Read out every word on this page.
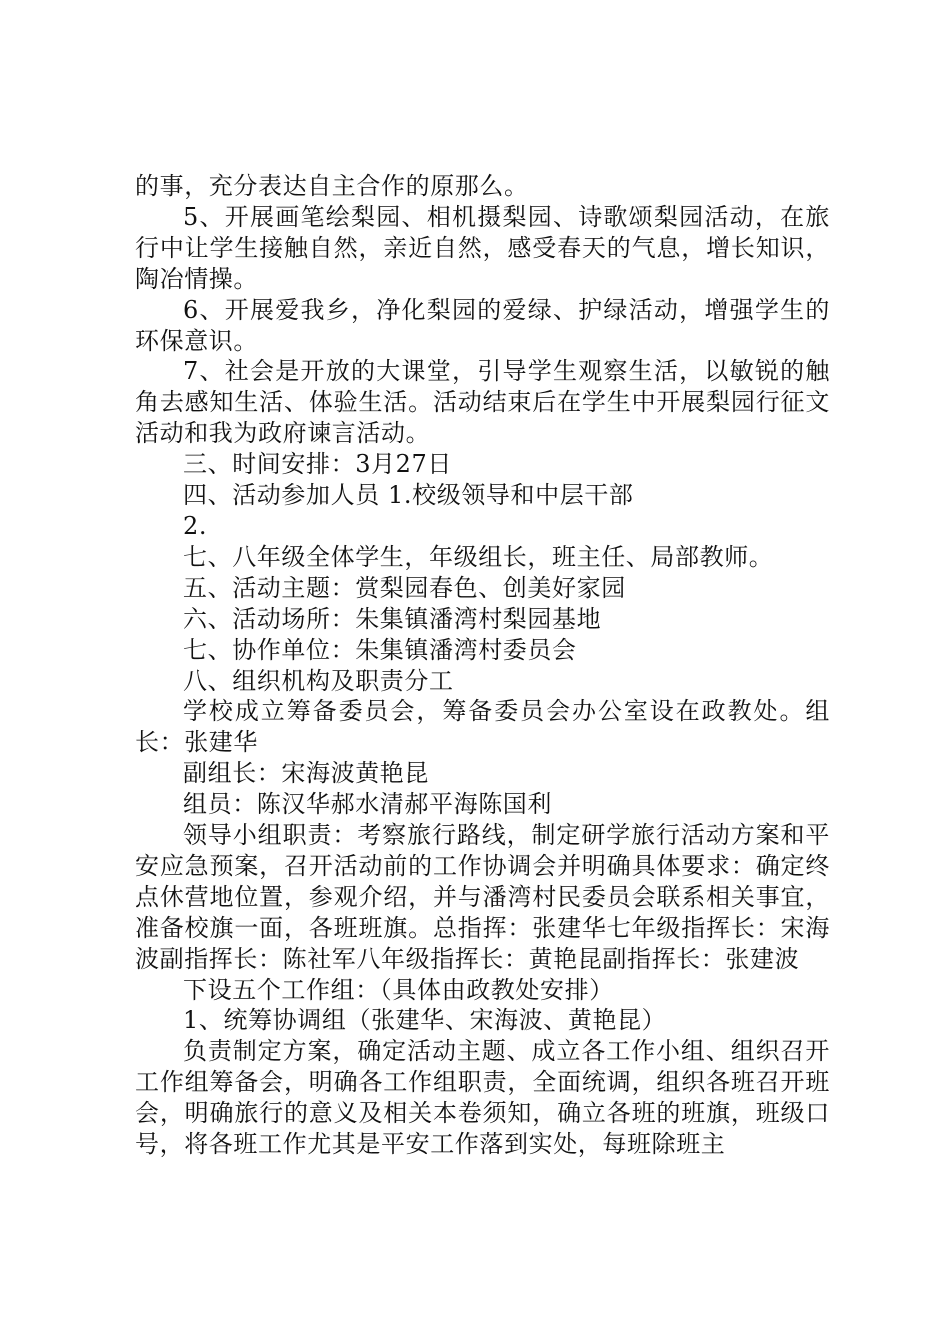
的事，充分表达自主合作的原那么。

5、开展画笔绘梨园、相机摄梨园、诗歌颂梨园活动，在旅行中让学生接触自然，亲近自然，感受春天的气息，增长知识，陶冶情操。

6、开展爱我乡，净化梨园的爱绿、护绿活动，增强学生的环保意识。

7、社会是开放的大课堂，引导学生观察生活，以敏锐的触角去感知生活、体验生活。活动结束后在学生中开展梨园行征文活动和我为政府谏言活动。

三、时间安排：3月27日

四、活动参加人员 1.校级领导和中层干部

2.

七、八年级全体学生，年级组长，班主任、局部教师。

五、活动主题：赏梨园春色、创美好家园

六、活动场所：朱集镇潘湾村梨园基地

七、协作单位：朱集镇潘湾村委员会

八、组织机构及职责分工

学校成立筹备委员会，筹备委员会办公室设在政教处。组长：张建华

副组长：宋海波黄艳昆

组员：陈汉华郝水清郝平海陈国利

领导小组职责：考察旅行路线，制定研学旅行活动方案和平安应急预案，召开活动前的工作协调会并明确具体要求：确定终点休营地位置，参观介绍，并与潘湾村民委员会联系相关事宜，准备校旗一面，各班班旗。总指挥：张建华七年级指挥长：宋海波副指挥长：陈社军八年级指挥长：黄艳昆副指挥长：张建波

下设五个工作组：（具体由政教处安排）

1、统筹协调组（张建华、宋海波、黄艳昆）

负责制定方案，确定活动主题、成立各工作小组、组织召开工作组筹备会，明确各工作组职责，全面统调，组织各班召开班会，明确旅行的意义及相关本卷须知，确立各班的班旗，班级口号，将各班工作尤其是平安工作落到实处，每班除班主
